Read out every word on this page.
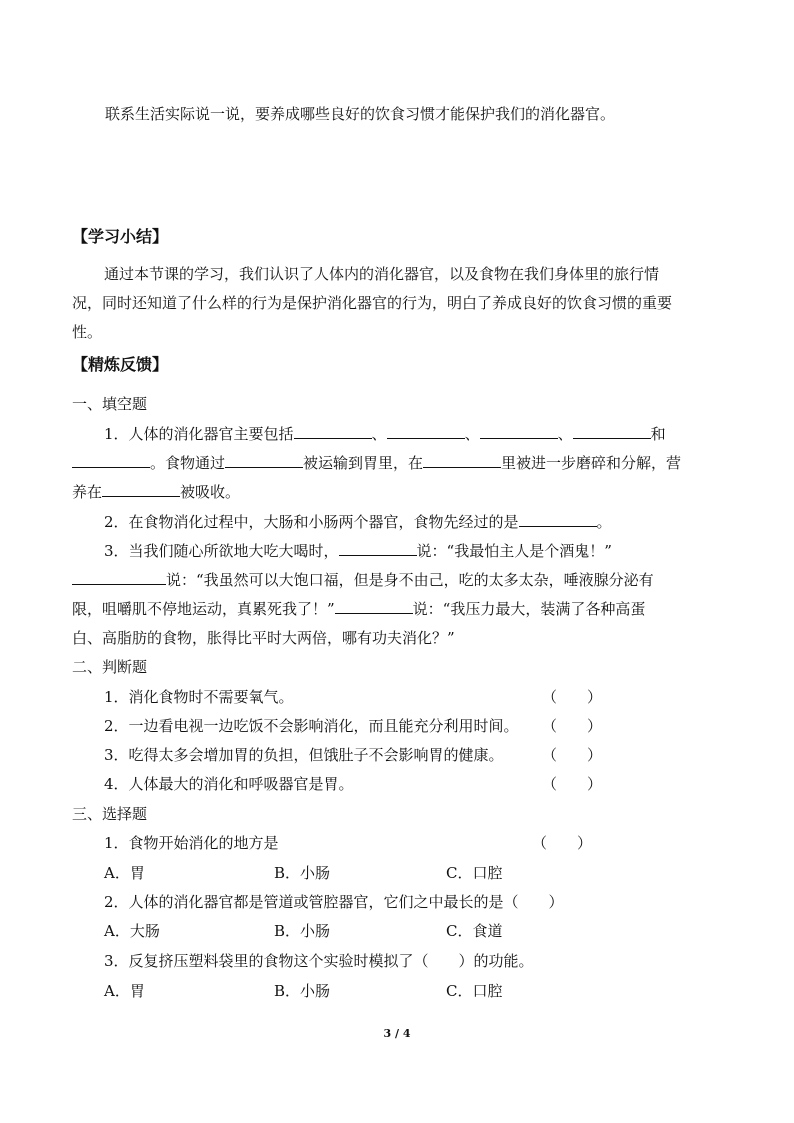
联系生活实际说一说，要养成哪些良好的饮食习惯才能保护我们的消化器官。
【学习小结】
通过本节课的学习，我们认识了人体内的消化器官，以及食物在我们身体里的旅行情
况，同时还知道了什么样的行为是保护消化器官的行为，明白了养成良好的饮食习惯的重要
性。
【精炼反馈】
一、填空题
1．人体的消化器官主要包括	、	、	、	和
。食物通过	被运输到胃里，在	里被进一步磨碎和分解，营
养在	被吸收。
2．在食物消化过程中，大肠和小肠两个器官，食物先经过的是	。
3．当我们随心所欲地大吃大喝时，	说：“我最怕主人是个酒鬼！”
说：“我虽然可以大饱口福，但是身不由己，吃的太多太杂，唾液腺分泌有
限，咀嚼肌不停地运动，真累死我了！”	说：“我压力最大，装满了各种高蛋
白、高脂肪的食物，胀得比平时大两倍，哪有功夫消化？”
二、判断题
1．消化食物时不需要氧气。	（　　）
2．一边看电视一边吃饭不会影响消化，而且能充分利用时间。 （　　）
3．吃得太多会增加胃的负担，但饿肚子不会影响胃的健康。	（　　）
4．人体最大的消化和呼吸器官是胃。	（　　）
三、选择题
1．食物开始消化的地方是	（　　）
A．胃	B．小肠	C．口腔
2．人体的消化器官都是管道或管腔器官，它们之中最长的是（　　）
A．大肠	B．小肠	C．食道
3．反复挤压塑料袋里的食物这个实验时模拟了（　　）的功能。
A．胃	B．小肠	C．口腔
3 / 4
